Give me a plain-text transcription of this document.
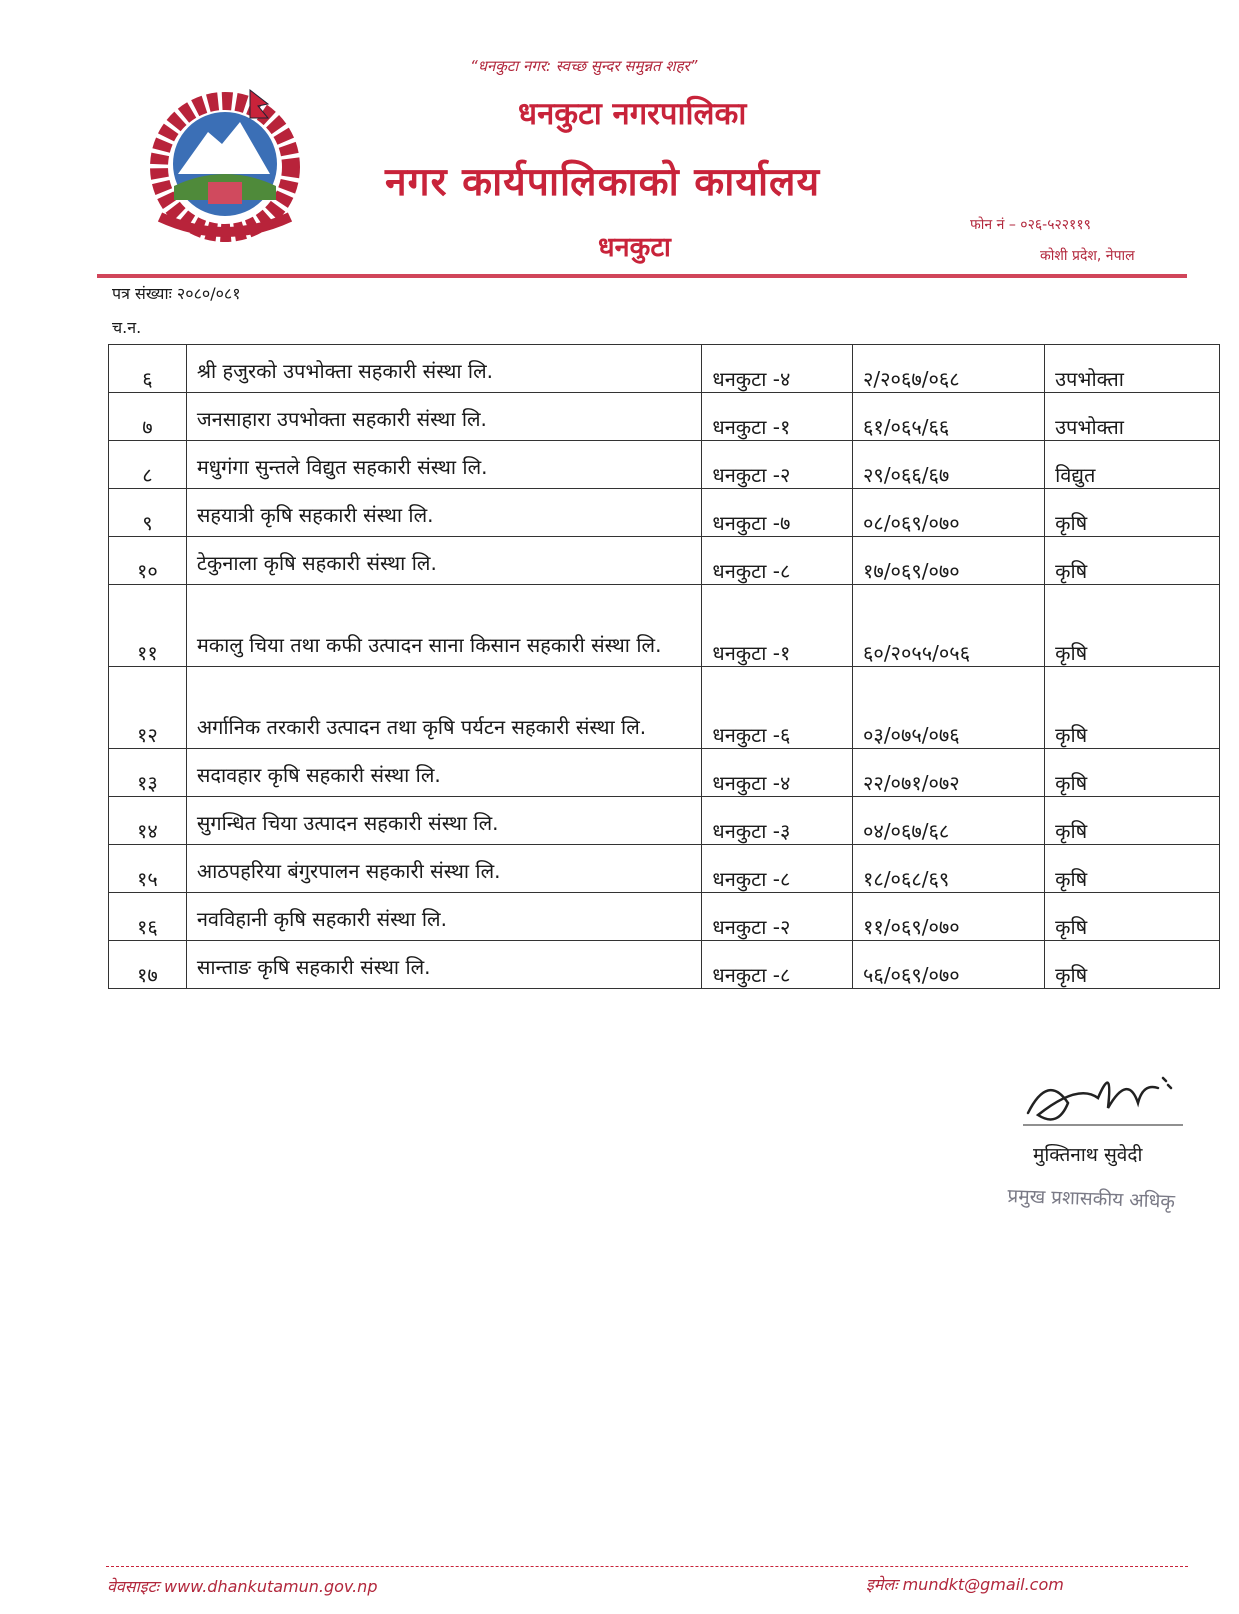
“धनकुटा नगर: स्वच्छ सुन्दर समुन्नत शहर”
धनकुटा नगरपालिका
नगर कार्यपालिकाको कार्यालय
धनकुटा
फोन नं – ०२६-५२२११९
कोशी प्रदेश, नेपाल
पत्र संख्याः २०८०/०८१
च.न.
६	श्री हजुरको उपभोक्ता सहकारी संस्था लि.	धनकुटा -४	२/२०६७/०६८	उपभोक्ता
७	जनसाहारा उपभोक्ता सहकारी संस्था लि.	धनकुटा -१	६१/०६५/६६	उपभोक्ता
८	मधुगंगा सुन्तले विद्युत सहकारी संस्था लि.	धनकुटा -२	२९/०६६/६७	विद्युत
९	सहयात्री कृषि सहकारी संस्था लि.	धनकुटा -७	०८/०६९/०७०	कृषि
१०	टेकुनाला कृषि सहकारी संस्था लि.	धनकुटा -८	१७/०६९/०७०	कृषि
११	मकालु चिया तथा कफी उत्पादन साना किसान सहकारी संस्था लि.	धनकुटा -१	६०/२०५५/०५६	कृषि
१२	अर्गानिक तरकारी उत्पादन तथा कृषि पर्यटन सहकारी संस्था लि.	धनकुटा -६	०३/०७५/०७६	कृषि
१३	सदावहार कृषि सहकारी संस्था लि.	धनकुटा -४	२२/०७१/०७२	कृषि
१४	सुगन्धित चिया उत्पादन सहकारी संस्था लि.	धनकुटा -३	०४/०६७/६८	कृषि
१५	आठपहरिया बंगुरपालन सहकारी संस्था लि.	धनकुटा -८	१८/०६८/६९	कृषि
१६	नवविहानी कृषि सहकारी संस्था लि.	धनकुटा -२	११/०६९/०७०	कृषि
१७	सान्ताङ कृषि सहकारी संस्था लि.	धनकुटा -८	५६/०६९/०७०	कृषि
मुक्तिनाथ सुवेदी
प्रमुख प्रशासकीय अधिकृ
वेवसाइटः www.dhankutamun.gov.np	इमेलः mundkt@gmail.com
